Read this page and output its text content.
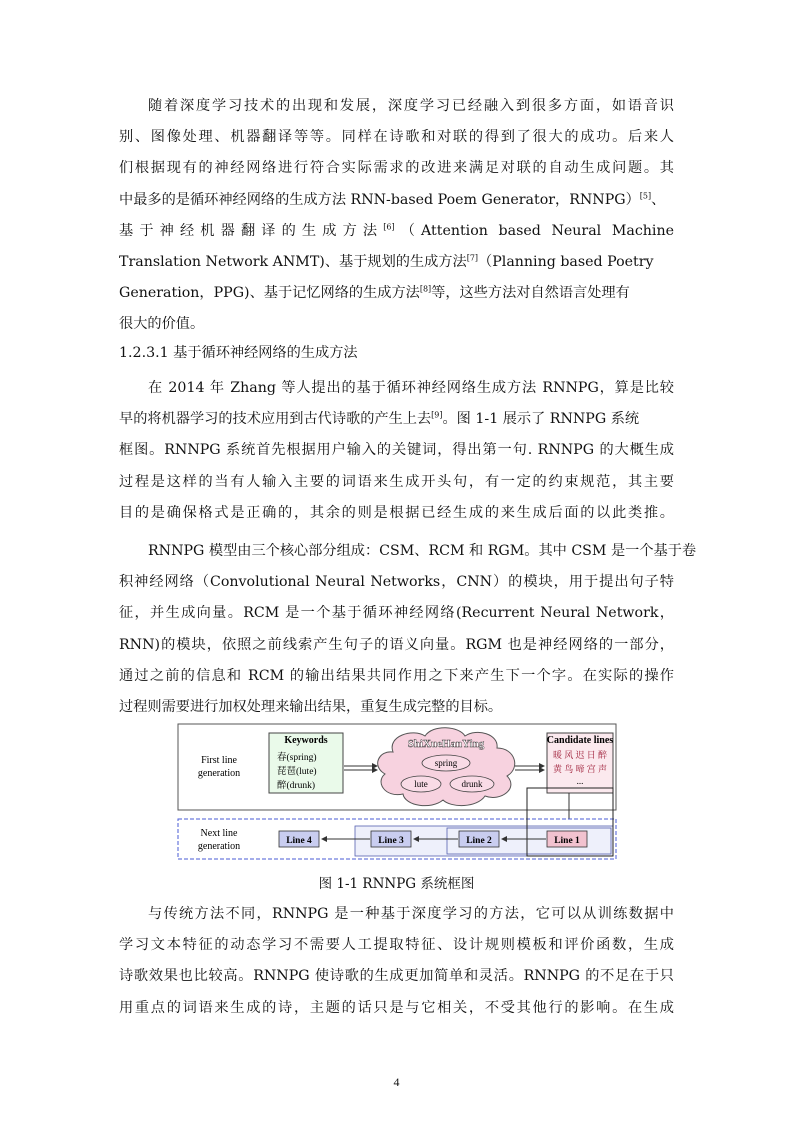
随着深度学习技术的出现和发展，深度学习已经融入到很多方面，如语音识
别、图像处理、机器翻译等等。同样在诗歌和对联的得到了很大的成功。后来人
们根据现有的神经网络进行符合实际需求的改进来满足对联的自动生成问题。其
中最多的是循环神经网络的生成方法 RNN-based Poem Generator，RNNPG）[5]、
基于神经机器翻译的生成方法[6]（Attention based Neural Machine
Translation Network ANMT)、基于规划的生成方法[7]（Planning based Poetry
Generation，PPG)、基于记忆网络的生成方法[8]等，这些方法对自然语言处理有
很大的价值。
1.2.3.1 基于循环神经网络的生成方法
在 2014 年 Zhang 等人提出的基于循环神经网络生成方法 RNNPG，算是比较
早的将机器学习的技术应用到古代诗歌的产生上去[9]。图 1-1 展示了 RNNPG 系统
框图。RNNPG 系统首先根据用户输入的关键词，得出第一句. RNNPG 的大概生成
过程是这样的当有人输入主要的词语来生成开头句，有一定的约束规范，其主要
目的是确保格式是正确的，其余的则是根据已经生成的来生成后面的以此类推。
RNNPG 模型由三个核心部分组成：CSM、RCM 和 RGM。其中 CSM 是一个基于卷
积神经网络（Convolutional Neural Networks，CNN）的模块，用于提出句子特
征，并生成向量。RCM 是一个基于循环神经网络(Recurrent Neural Network，
RNN)的模块，依照之前线索产生句子的语义向量。RGM 也是神经网络的一部分，
通过之前的信息和 RCM 的输出结果共同作用之下来产生下一个字。在实际的操作
过程则需要进行加权处理来输出结果，重复生成完整的目标。
First line
generation
Keywords
春(spring)
琵琶(lute)
醉(drunk)
ShiXueHanYing
spring
lute	drunk
Candidate lines
暖 风 迟 日 醉
黄 鸟 啼 宫 声
...
Next line
generation	Line 4	Line 3	Line 2	Line 1
图 1-1 RNNPG 系统框图
与传统方法不同，RNNPG 是一种基于深度学习的方法，它可以从训练数据中
学习文本特征的动态学习不需要人工提取特征、设计规则模板和评价函数，生成
诗歌效果也比较高。RNNPG 使诗歌的生成更加简单和灵活。RNNPG 的不足在于只
用重点的词语来生成的诗，主题的话只是与它相关，不受其他行的影响。在生成
4
